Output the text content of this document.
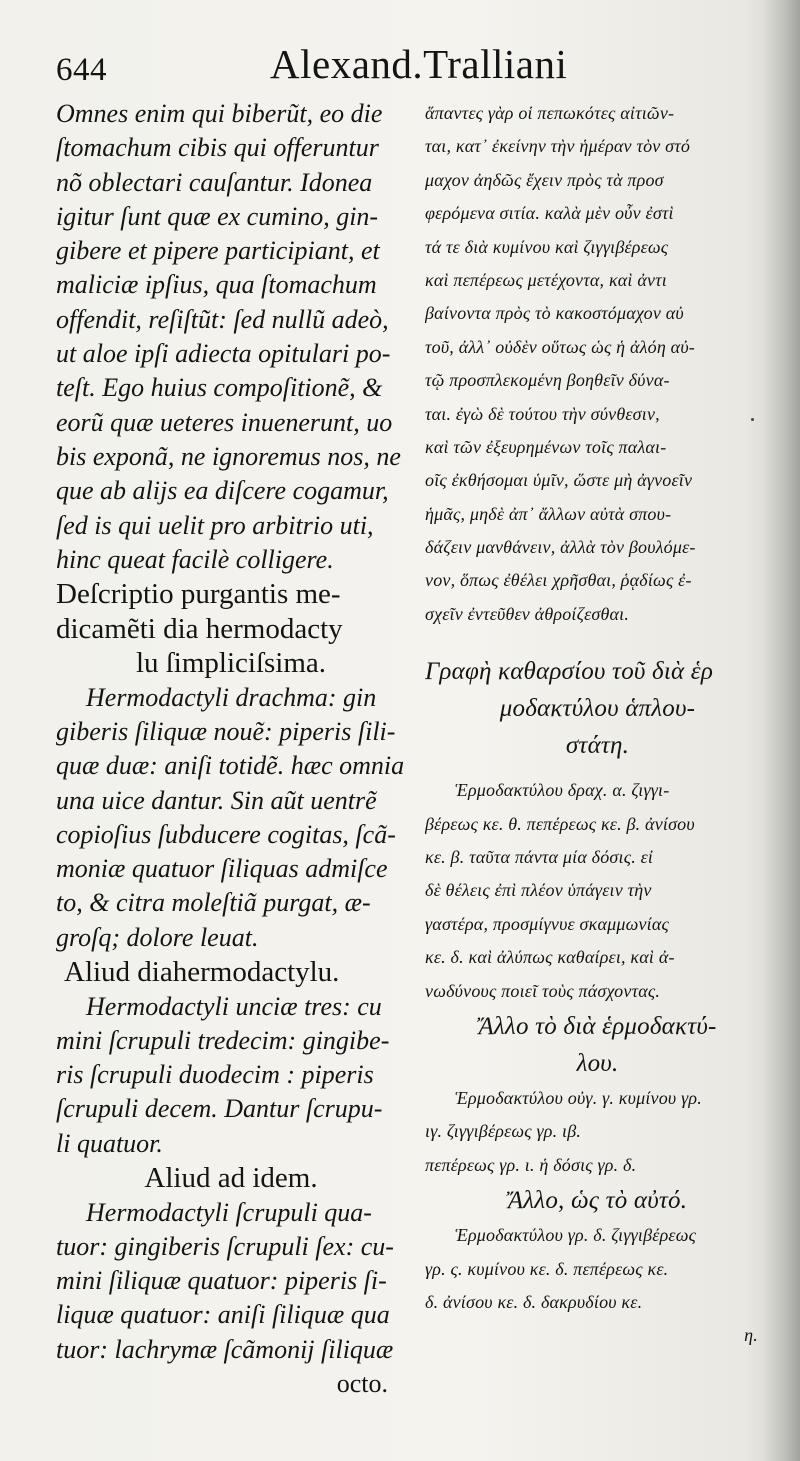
644	Alexand.Tralliani
Omnes enim qui biberũt, eo die
ſtomachum cibis qui offeruntur
nõ oblectari cauſantur. Idonea
igitur ſunt quæ ex cumino, gin-
gibere et pipere participiant, et
maliciæ ipſius, qua ſtomachum
offendit, reſiſtũt: ſed nullũ adeò,
ut aloe ipſi adiecta opitulari po-
teſt. Ego huius compoſitionẽ, &
eorũ quæ ueteres inuenerunt, uo
bis exponã, ne ignoremus nos, ne
que ab alijs ea diſcere cogamur,
ſed is qui uelit pro arbitrio uti,
hinc queat facilè colligere.
Deſcriptio purgantis me-
dicamẽti dia hermodacty
lu ſimpliciſsima.
Hermodactyli drachma: gin
giberis ſiliquæ nouẽ: piperis ſili-
quæ duæ: aniſi totidẽ. hæc omnia
una uice dantur. Sin aũt uentrẽ
copioſius ſubducere cogitas, ſcã-
moniæ quatuor ſiliquas admiſce
to, & citra moleſtiã purgat, æ-
groſq; dolore leuat.
Aliud diahermodactylu.
Hermodactyli unciæ tres: cu
mini ſcrupuli tredecim: gingibe-
ris ſcrupuli duodecim : piperis
ſcrupuli decem. Dantur ſcrupu-
li quatuor.
Aliud ad idem.
Hermodactyli ſcrupuli qua-
tuor: gingiberis ſcrupuli ſex: cu-
mini ſiliquæ quatuor: piperis ſi-
liquæ quatuor: aniſi ſiliquæ qua
tuor: lachrymæ ſcãmonij ſiliquæ
octo.
ἅπαντες γὰρ οἱ πεπωκότες αἰτιῶν-
ται, κατ᾽ ἐκείνην τὴν ἡμέραν τὸν στό
μαχον ἀηδῶς ἔχειν πρὸς τὰ προσ
φερόμενα σιτία. καλὰ μὲν οὖν ἐστὶ
τά τε διὰ κυμίνου καὶ ζιγγιβέρεως
καὶ πεπέρεως μετέχοντα, καὶ ἀντι
βαίνοντα πρὸς τὸ κακοστόμαχον αὐ
τοῦ, ἀλλ᾽ οὐδὲν οὕτως ὡς ἡ ἀλόη αὐ-
τῷ προσπλεκομένη βοηθεῖν δύνα-
ται. ἐγὼ δὲ τούτου τὴν σύνθεσιν,
καὶ τῶν ἐξευρημένων τοῖς παλαι-
οῖς ἐκθήσομαι ὑμῖν, ὥστε μὴ ἀγνοεῖν
ἡμᾶς, μηδὲ ἀπ᾽ ἄλλων αὐτὰ σπου-
δάζειν μανθάνειν, ἀλλὰ τὸν βουλόμε-
νον, ὅπως ἐθέλει χρῆσθαι, ῥᾳδίως ἐ-
σχεῖν ἐντεῦθεν ἀθροίζεσθαι.
Γραφὴ καθαρσίου τοῦ διὰ ἑρ
μοδακτύλου ἁπλου-
στάτη.
Ἑρμοδακτύλου δραχ. α. ζιγγι-
βέρεως κε. θ. πεπέρεως κε. β. ἀνίσου
κε. β. ταῦτα πάντα μία δόσις. εἰ
δὲ θέλεις ἐπὶ πλέον ὑπάγειν τὴν
γαστέρα, προσμίγνυε σκαμμωνίας
κε. δ. καὶ ἀλύπως καθαίρει, καὶ ἀ-
νωδύνους ποιεῖ τοὺς πάσχοντας.
Ἄλλο τὸ διὰ ἑρμοδακτύ-
λου.
Ἑρμοδακτύλου οὐγ. γ. κυμίνου γρ.
ιγ. ζιγγιβέρεως γρ. ιβ.
πεπέρεως γρ. ι. ἡ δόσις γρ. δ.
Ἄλλο, ὡς τὸ αὐτό.
Ἑρμοδακτύλου γρ. δ. ζιγγιβέρεως
γρ. ς. κυμίνου κε. δ. πεπέρεως κε.
δ. ἀνίσου κε. δ. δακρυδίου κε.
η.
